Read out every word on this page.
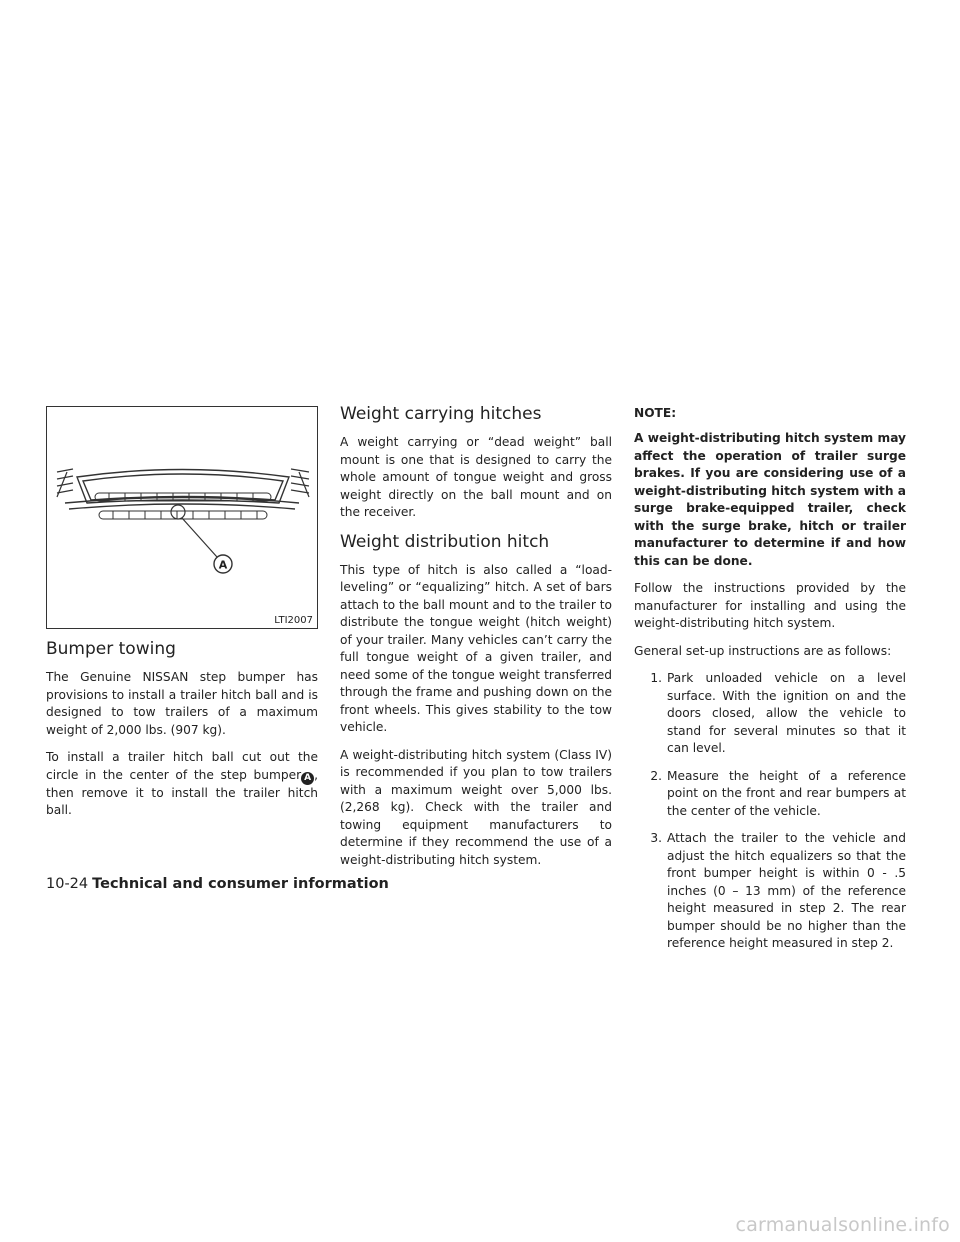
A
LTI2007
Bumper towing

The Genuine NISSAN step bumper has provisions to install a trailer hitch ball and is designed to tow trailers of a maximum weight of 2,000 lbs. (907 kg).

To install a trailer hitch ball cut out the circle in the center of the step bumper A , then remove it to install the trailer hitch ball.

Weight carrying hitches

A weight carrying or “dead weight” ball mount is one that is designed to carry the whole amount of tongue weight and gross weight directly on the ball mount and on the receiver.

Weight distribution hitch

This type of hitch is also called a “load-leveling” or “equalizing” hitch. A set of bars attach to the ball mount and to the trailer to distribute the tongue weight (hitch weight) of your trailer. Many vehicles can’t carry the full tongue weight of a given trailer, and need some of the tongue weight transferred through the frame and pushing down on the front wheels. This gives stability to the tow vehicle.

A weight-distributing hitch system (Class IV) is recommended if you plan to tow trailers with a maximum weight over 5,000 lbs. (2,268 kg). Check with the trailer and towing equipment manufacturers to determine if they recommend the use of a weight-distributing hitch system.

NOTE:
A weight-distributing hitch system may affect the operation of trailer surge brakes. If you are considering use of a weight-distributing hitch system with a surge brake-equipped trailer, check with the surge brake, hitch or trailer manufacturer to determine if and how this can be done.

Follow the instructions provided by the manufacturer for installing and using the weight-distributing hitch system.

General set-up instructions are as follows:

1. Park unloaded vehicle on a level surface. With the ignition on and the doors closed, allow the vehicle to stand for several minutes so that it can level.
2. Measure the height of a reference point on the front and rear bumpers at the center of the vehicle.
3. Attach the trailer to the vehicle and adjust the hitch equalizers so that the front bumper height is within 0 - .5 inches (0 – 13 mm) of the reference height measured in step 2. The rear bumper should be no higher than the reference height measured in step 2.
10-24 Technical and consumer information
carmanualsonline.info
